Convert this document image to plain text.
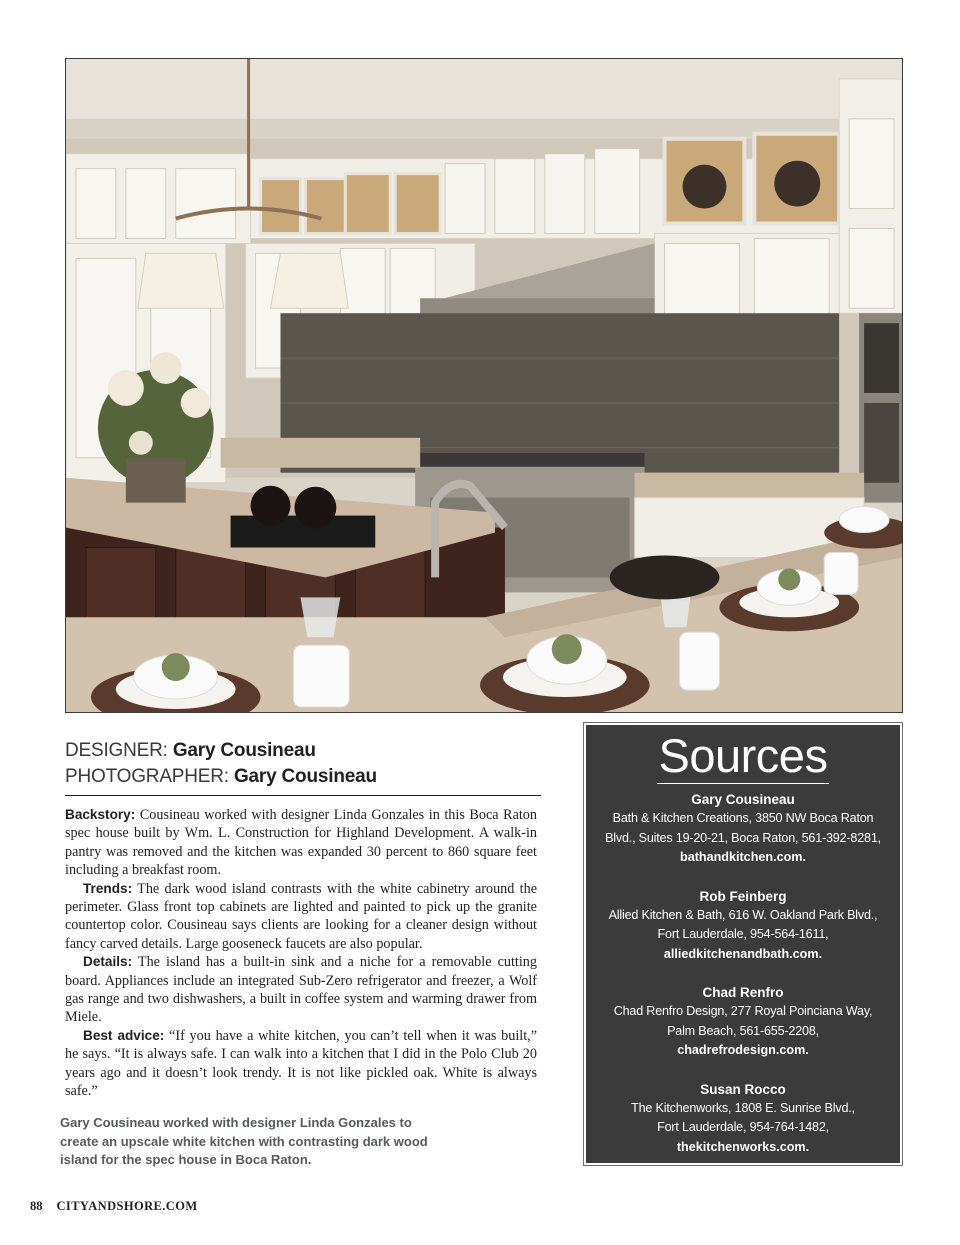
DESIGNER: Gary Cousineau
PHOTOGRAPHER: Gary Cousineau

Backstory: Cousineau worked with designer Linda Gonzales in this Boca Raton spec house built by Wm. L. Construction for Highland Development. A walk-in pantry was removed and the kitchen was expanded 30 percent to 860 square feet including a breakfast room.

Trends: The dark wood island contrasts with the white cabinetry around the perimeter. Glass front top cabinets are lighted and painted to pick up the granite countertop color. Cousineau says clients are looking for a cleaner design without fancy carved details. Large gooseneck faucets are also popular.

Details: The island has a built-in sink and a niche for a removable cutting board. Appliances include an integrated Sub-Zero refrigerator and freezer, a Wolf gas range and two dishwashers, a built in coffee system and warming drawer from Miele.

Best advice: “If you have a white kitchen, you can’t tell when it was built,” he says. “It is always safe. I can walk into a kitchen that I did in the Polo Club 20 years ago and it doesn’t look trendy. It is not like pickled oak. White is always safe.”

Gary Cousineau worked with designer Linda Gonzales to create an upscale white kitchen with contrasting dark wood island for the spec house in Boca Raton.
Sources
Gary Cousineau
Bath & Kitchen Creations, 3850 NW Boca Raton
Blvd., Suites 19-20-21, Boca Raton, 561-392-8281,
bathandkitchen.com.
Rob Feinberg
Allied Kitchen & Bath, 616 W. Oakland Park Blvd.,
Fort Lauderdale, 954-564-1611,
alliedkitchenandbath.com.
Chad Renfro
Chad Renfro Design, 277 Royal Poinciana Way,
Palm Beach, 561-655-2208,
chadrefrodesign.com.
Susan Rocco
The Kitchenworks, 1808 E. Sunrise Blvd.,
Fort Lauderdale, 954-764-1482,
thekitchenworks.com.
88 CITYANDSHORE.COM
